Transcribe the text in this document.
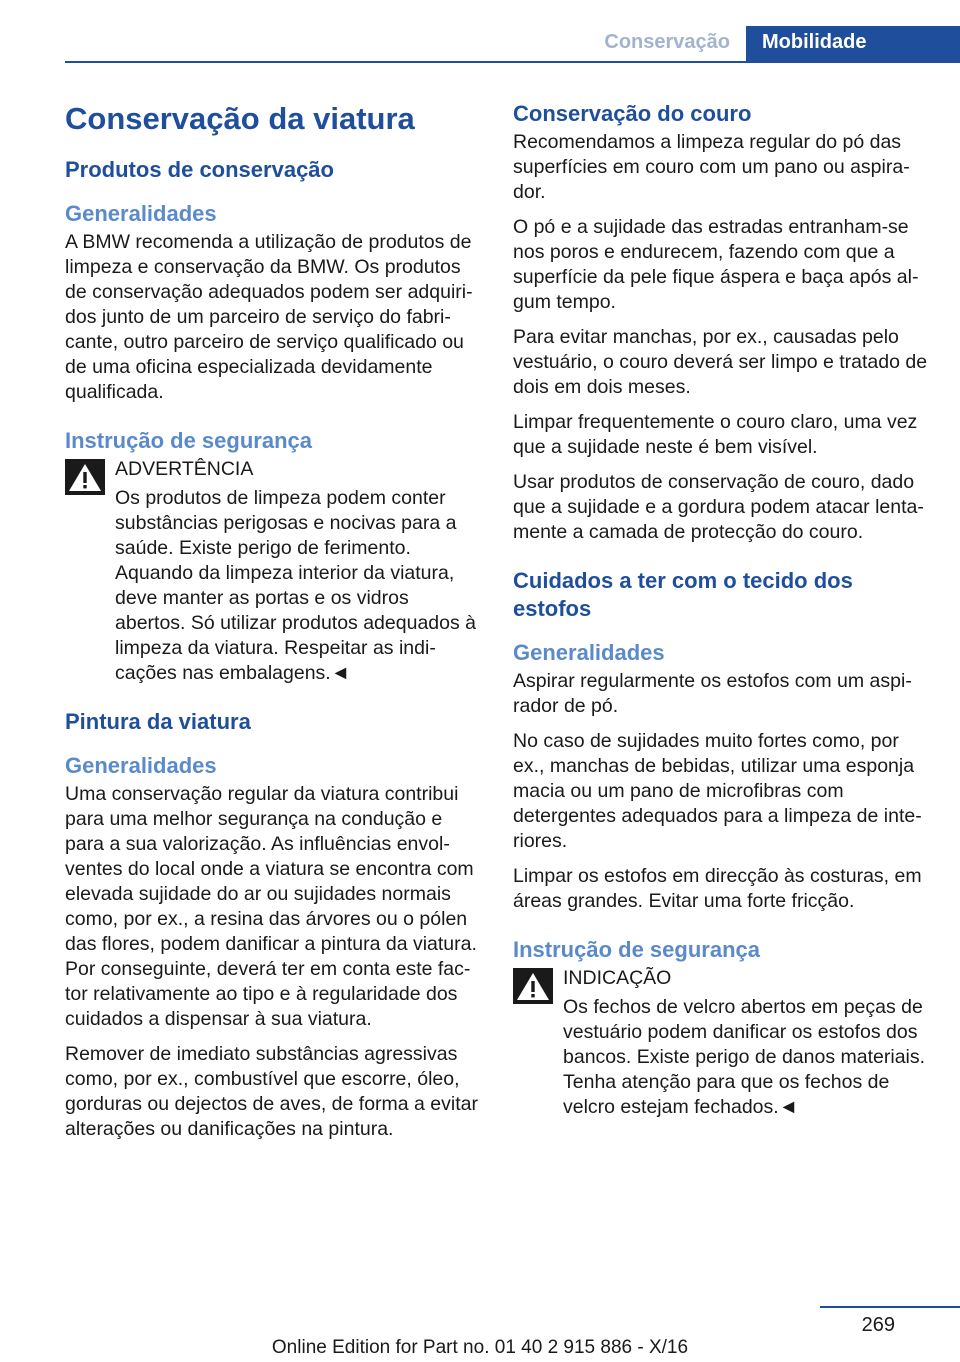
Conservação	Mobilidade
Conservação da viatura
Produtos de conservação
Generalidades

A BMW recomenda a utilização de produtos de limpeza e conservação da BMW. Os produtos de conservação adequados podem ser adquiridos junto de um parceiro de serviço do fabricante, outro parceiro de serviço qualificado ou de uma oficina especializada devidamente qualificada.

Instrução de segurança

ADVERTÊNCIA

Os produtos de limpeza podem conter

substâncias perigosas e nocivas para a saúde. Existe perigo de ferimento. Aquando da limpeza interior da viatura, deve manter as portas e os vidros abertos. Só utilizar produtos adequados à limpeza da viatura. Respeitar as indicações nas embalagens.◄

Pintura da viatura
Generalidades

Uma conservação regular da viatura contribui para uma melhor segurança na condução e para a sua valorização. As influências envolventes do local onde a viatura se encontra com elevada sujidade do ar ou sujidades normais como, por ex., a resina das árvores ou o pólen das flores, podem danificar a pintura da viatura. Por conseguinte, deverá ter em conta este factor relativamente ao tipo e à regularidade dos cuidados a dispensar à sua viatura.

Remover de imediato substâncias agressivas como, por ex., combustível que escorre, óleo, gorduras ou dejectos de aves, de forma a evitar alterações ou danificações na pintura.

Conservação do couro

Recomendamos a limpeza regular do pó das superfícies em couro com um pano ou aspirador.

O pó e a sujidade das estradas entranham-se nos poros e endurecem, fazendo com que a superfície da pele fique áspera e baça após algum tempo.

Para evitar manchas, por ex., causadas pelo vestuário, o couro deverá ser limpo e tratado de dois em dois meses.

Limpar frequentemente o couro claro, uma vez que a sujidade neste é bem visível.

Usar produtos de conservação de couro, dado que a sujidade e a gordura podem atacar lentamente a camada de protecção do couro.

Cuidados a ter com o tecido dos estofos
Generalidades

Aspirar regularmente os estofos com um aspirador de pó.

No caso de sujidades muito fortes como, por ex., manchas de bebidas, utilizar uma esponja macia ou um pano de microfibras com detergentes adequados para a limpeza de interiores.

Limpar os estofos em direcção às costuras, em áreas grandes. Evitar uma forte fricção.

Instrução de segurança

INDICAÇÃO

Os fechos de velcro abertos em peças de

vestuário podem danificar os estofos dos bancos. Existe perigo de danos materiais. Tenha atenção para que os fechos de velcro estejam fechados.◄

269
Online Edition for Part no. 01 40 2 915 886 - X/16
